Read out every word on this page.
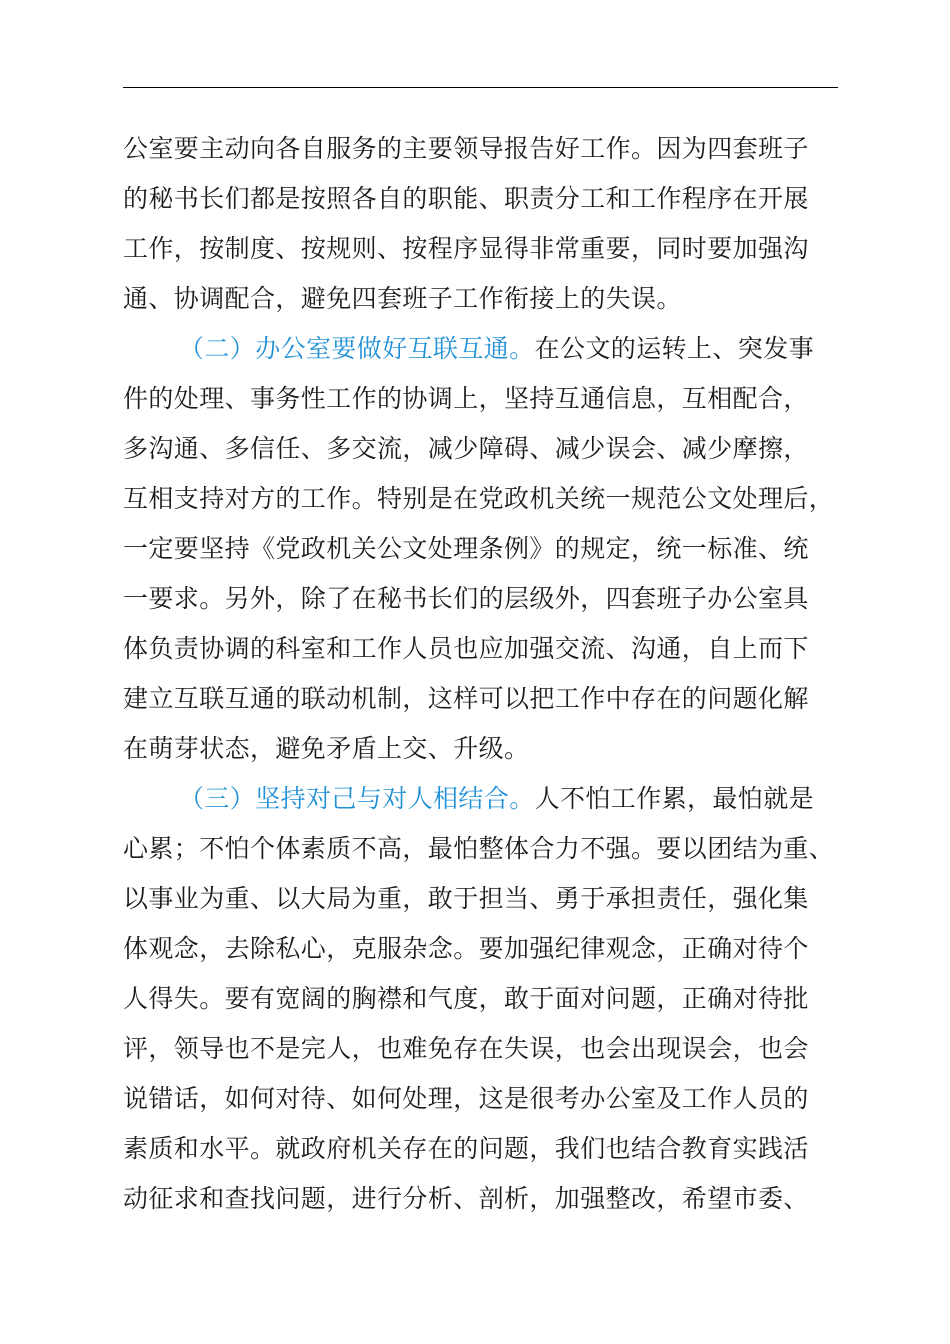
公室要主动向各自服务的主要领导报告好工作。因为四套班子
的秘书长们都是按照各自的职能、职责分工和工作程序在开展
工作，按制度、按规则、按程序显得非常重要，同时要加强沟
通、协调配合，避免四套班子工作衔接上的失误。
（二）办公室要做好互联互通。在公文的运转上、突发事
件的处理、事务性工作的协调上，坚持互通信息，互相配合，
多沟通、多信任、多交流，减少障碍、减少误会、减少摩擦，
互相支持对方的工作。特别是在党政机关统一规范公文处理后，
一定要坚持《党政机关公文处理条例》的规定，统一标准、统
一要求。另外，除了在秘书长们的层级外，四套班子办公室具
体负责协调的科室和工作人员也应加强交流、沟通，自上而下
建立互联互通的联动机制，这样可以把工作中存在的问题化解
在萌芽状态，避免矛盾上交、升级。
（三）坚持对己与对人相结合。人不怕工作累，最怕就是
心累；不怕个体素质不高，最怕整体合力不强。要以团结为重、
以事业为重、以大局为重，敢于担当、勇于承担责任，强化集
体观念，去除私心，克服杂念。要加强纪律观念，正确对待个
人得失。要有宽阔的胸襟和气度，敢于面对问题，正确对待批
评，领导也不是完人，也难免存在失误，也会出现误会，也会
说错话，如何对待、如何处理，这是很考办公室及工作人员的
素质和水平。就政府机关存在的问题，我们也结合教育实践活
动征求和查找问题，进行分析、剖析，加强整改，希望市委、
